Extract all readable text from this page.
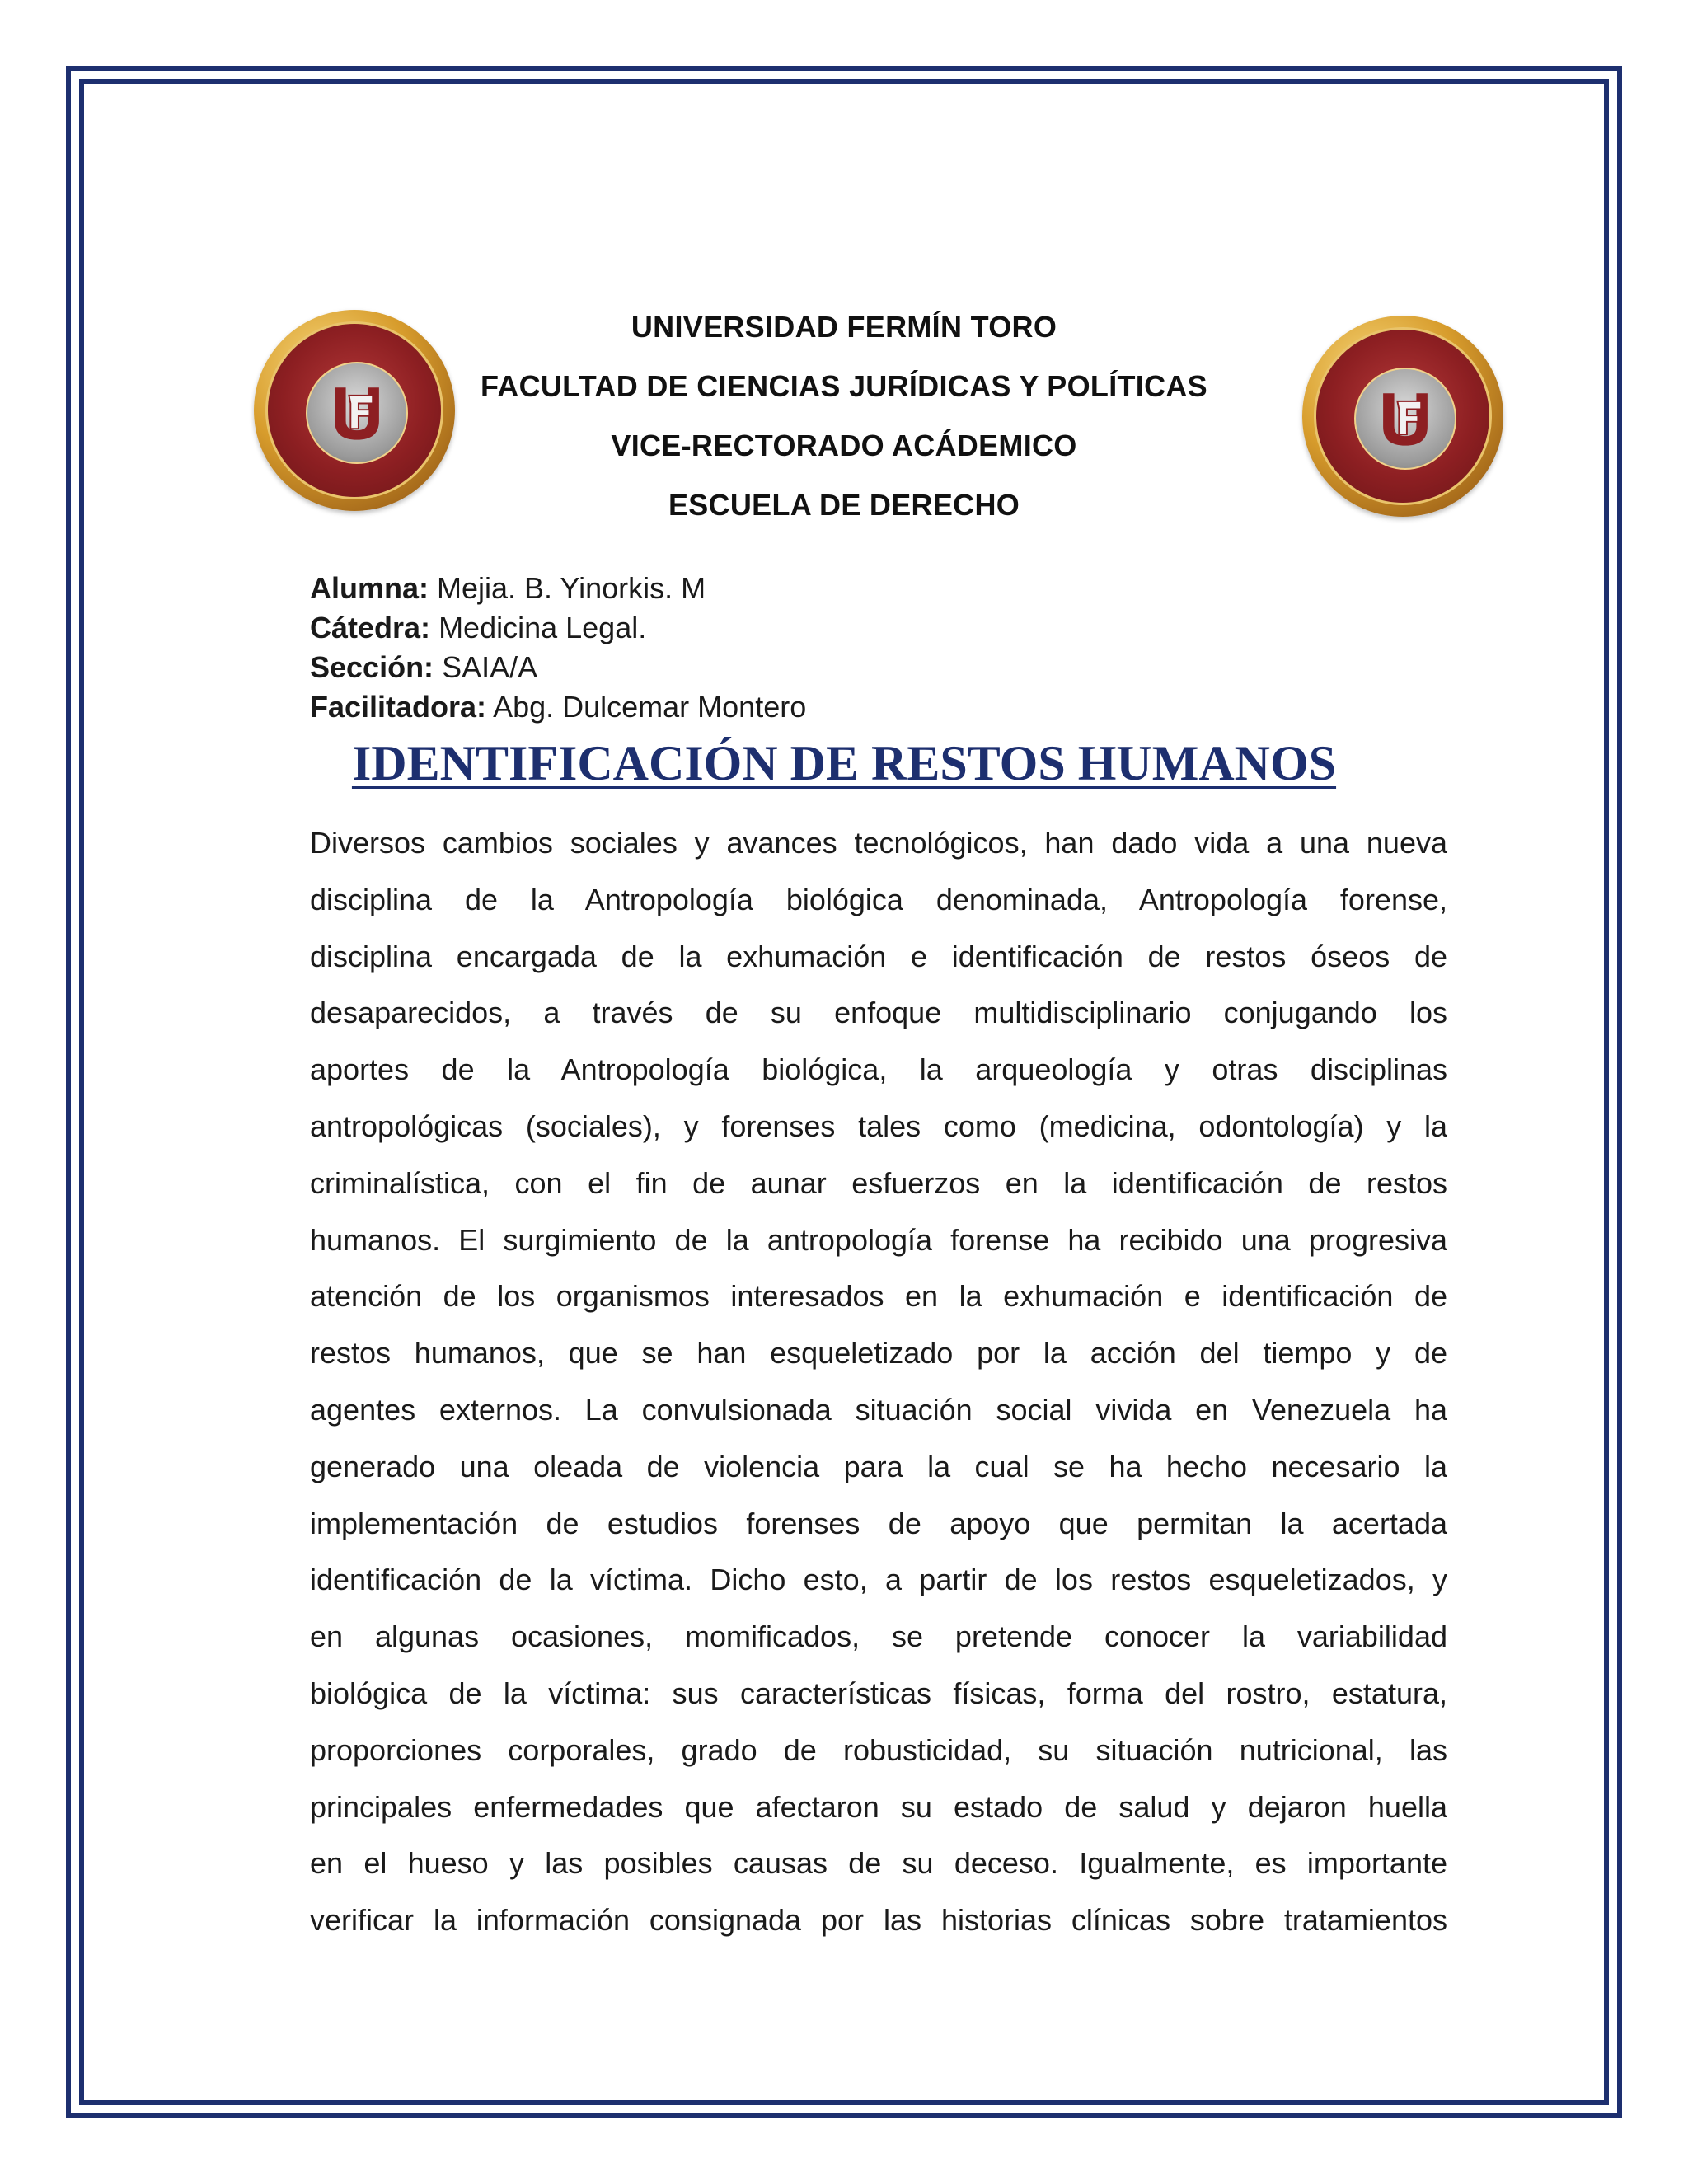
UNIVERSIDAD FERMÍN TORO
FACULTAD DE CIENCIAS JURÍDICAS Y POLÍTICAS
VICE-RECTORADO ACÁDEMICO
ESCUELA DE DERECHO
Alumna: Mejia. B. Yinorkis. M
Cátedra: Medicina Legal.
Sección: SAIA/A
Facilitadora: Abg. Dulcemar Montero
IDENTIFICACIÓN DE RESTOS HUMANOS
Diversos cambios sociales y avances tecnológicos, han dado vida a una nueva
disciplina de la Antropología biológica denominada, Antropología forense,
disciplina encargada de la exhumación e identificación de restos óseos de
desaparecidos, a través de su enfoque multidisciplinario conjugando los
aportes de la Antropología biológica, la arqueología y otras disciplinas
antropológicas (sociales), y forenses tales como (medicina, odontología) y la
criminalística, con el fin de aunar esfuerzos en la identificación de restos
humanos. El surgimiento de la antropología forense ha recibido una progresiva
atención de los organismos interesados en la exhumación e identificación de
restos humanos, que se han esqueletizado por la acción del tiempo y de
agentes externos. La convulsionada situación social vivida en Venezuela ha
generado una oleada de violencia para la cual se ha hecho necesario la
implementación de estudios forenses de apoyo que permitan la acertada
identificación de la víctima. Dicho esto, a partir de los restos esqueletizados, y
en algunas ocasiones, momificados, se pretende conocer la variabilidad
biológica de la víctima: sus características físicas, forma del rostro, estatura,
proporciones corporales, grado de robusticidad, su situación nutricional, las
principales enfermedades que afectaron su estado de salud y dejaron huella
en el hueso y las posibles causas de su deceso. Igualmente, es importante
verificar la información consignada por las historias clínicas sobre tratamientos
